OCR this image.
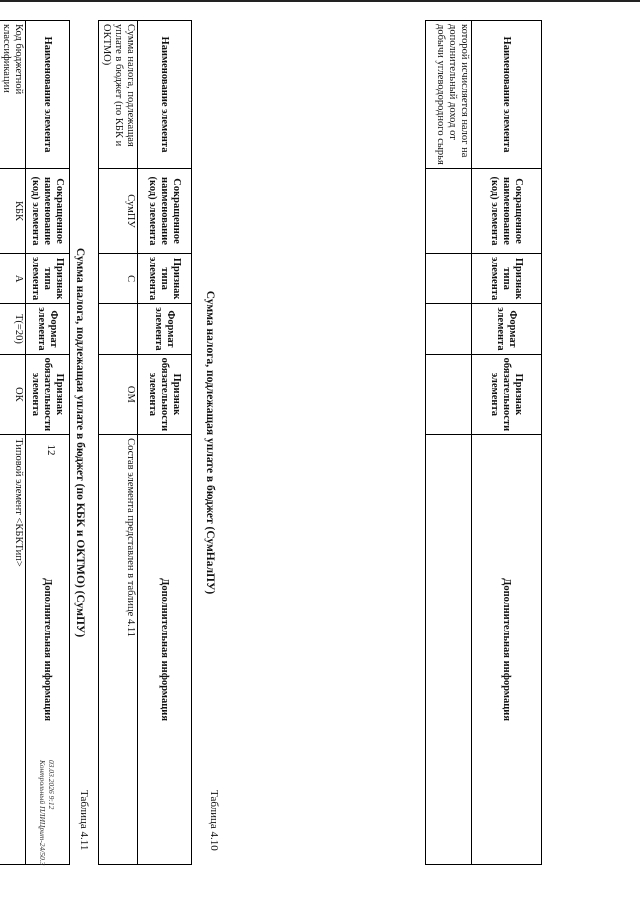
12
Наименование элемента	Сокращенное наименование (код) элемента	Признак типа элемента	Формат элемента	Признак обязательности элемента	Дополнительная информация
которой исчисляется налог на дополнительный доход от добычи углеводородного сырья					
Таблица 4.10
Сумма налога, подлежащая уплате в бюджет (СумНалПУ)
Наименование элемента	Сокращенное наименование (код) элемента	Признак типа элемента	Формат элемента	Признак обязательности элемента	Дополнительная информация
Сумма налога, подлежащая уплате в бюджет (по КБК и ОКТМО)	СумПУ	С		ОМ	Состав элемента представлен в таблице 4.11
Таблица 4.11
Сумма налога, подлежащая уплате в бюджет (по КБК и ОКТМО) (СумПУ)
Наименование элемента	Сокращенное наименование (код) элемента	Признак типа элемента	Формат элемента	Признак обязательности элемента	Дополнительная информация
Код бюджетной классификации	КБК	А	T(=20)	ОК	Типовой элемент <КБКТип>

03.03.2026 9:12
Контрольный ПЛИЦрит-24/50.3
